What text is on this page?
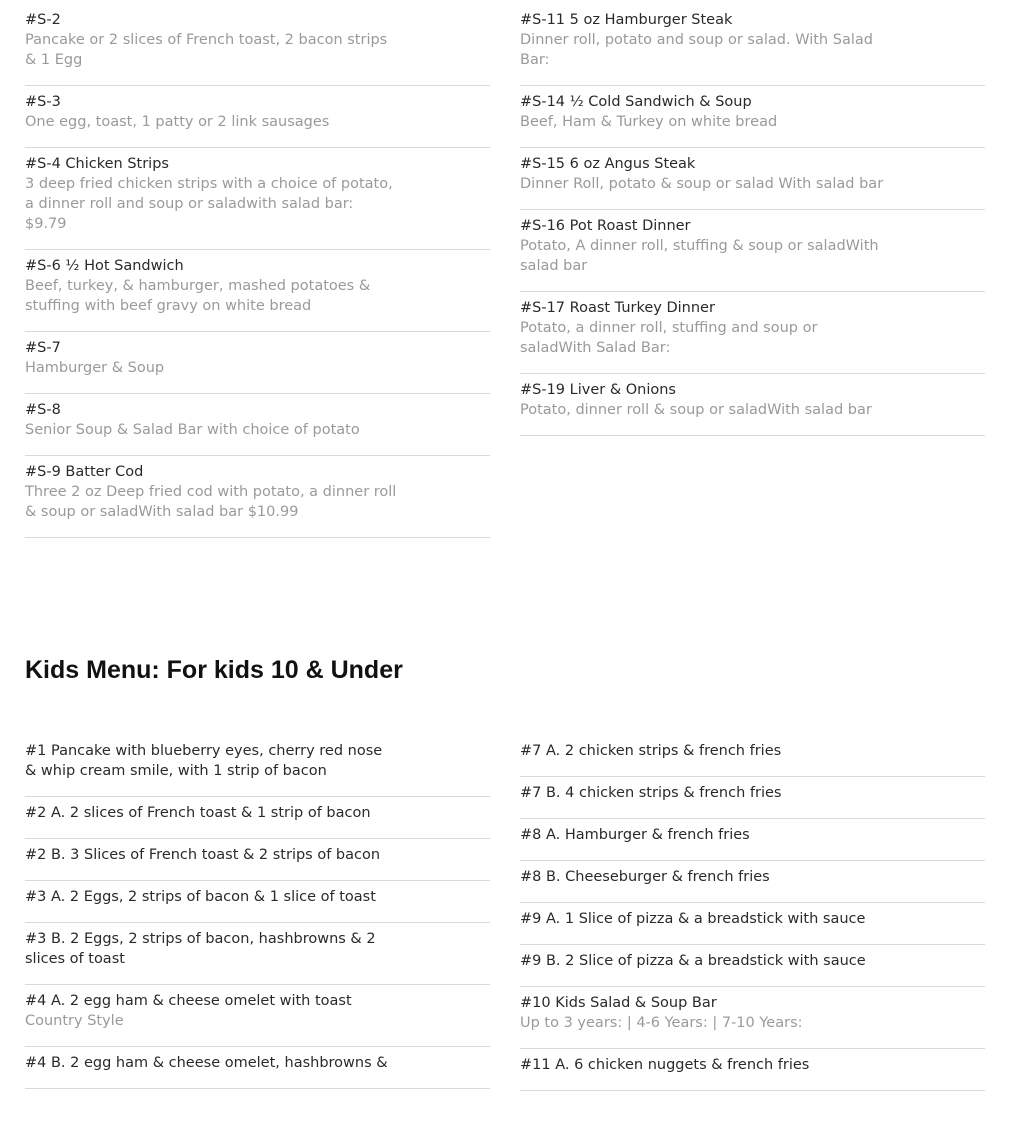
#S-2
Pancake or 2 slices of French toast, 2 bacon strips & 1 Egg
#S-3
One egg, toast, 1 patty or 2 link sausages
#S-4 Chicken Strips
3 deep fried chicken strips with a choice of potato, a dinner roll and soup or saladwith salad bar: $9.79
#S-6 ½ Hot Sandwich
Beef, turkey, & hamburger, mashed potatoes & stuffing with beef gravy on white bread
#S-7
Hamburger & Soup
#S-8
Senior Soup & Salad Bar with choice of potato
#S-9 Batter Cod
Three 2 oz Deep fried cod with potato, a dinner roll & soup or saladWith salad bar $10.99
#S-11 5 oz Hamburger Steak
Dinner roll, potato and soup or salad. With Salad Bar:
#S-14 ½ Cold Sandwich & Soup
Beef, Ham & Turkey on white bread
#S-15 6 oz Angus Steak
Dinner Roll, potato & soup or salad With salad bar
#S-16 Pot Roast Dinner
Potato, A dinner roll, stuffing & soup or saladWith salad bar
#S-17 Roast Turkey Dinner
Potato, a dinner roll, stuffing and soup or saladWith Salad Bar:
#S-19 Liver & Onions
Potato, dinner roll & soup or saladWith salad bar
Kids Menu: For kids 10 & Under
#1 Pancake with blueberry eyes, cherry red nose & whip cream smile, with 1 strip of bacon
#2 A. 2 slices of French toast & 1 strip of bacon
#2 B. 3 Slices of French toast & 2 strips of bacon
#3 A. 2 Eggs, 2 strips of bacon & 1 slice of toast
#3 B. 2 Eggs, 2 strips of bacon, hashbrowns & 2 slices of toast
#4 A. 2 egg ham & cheese omelet with toast
Country Style
#4 B. 2 egg ham & cheese omelet, hashbrowns &
#7 A. 2 chicken strips & french fries
#7 B. 4 chicken strips & french fries
#8 A. Hamburger & french fries
#8 B. Cheeseburger & french fries
#9 A. 1 Slice of pizza & a breadstick with sauce
#9 B. 2 Slice of pizza & a breadstick with sauce
#10 Kids Salad & Soup Bar
Up to 3 years: | 4-6 Years: | 7-10 Years:
#11 A. 6 chicken nuggets & french fries
